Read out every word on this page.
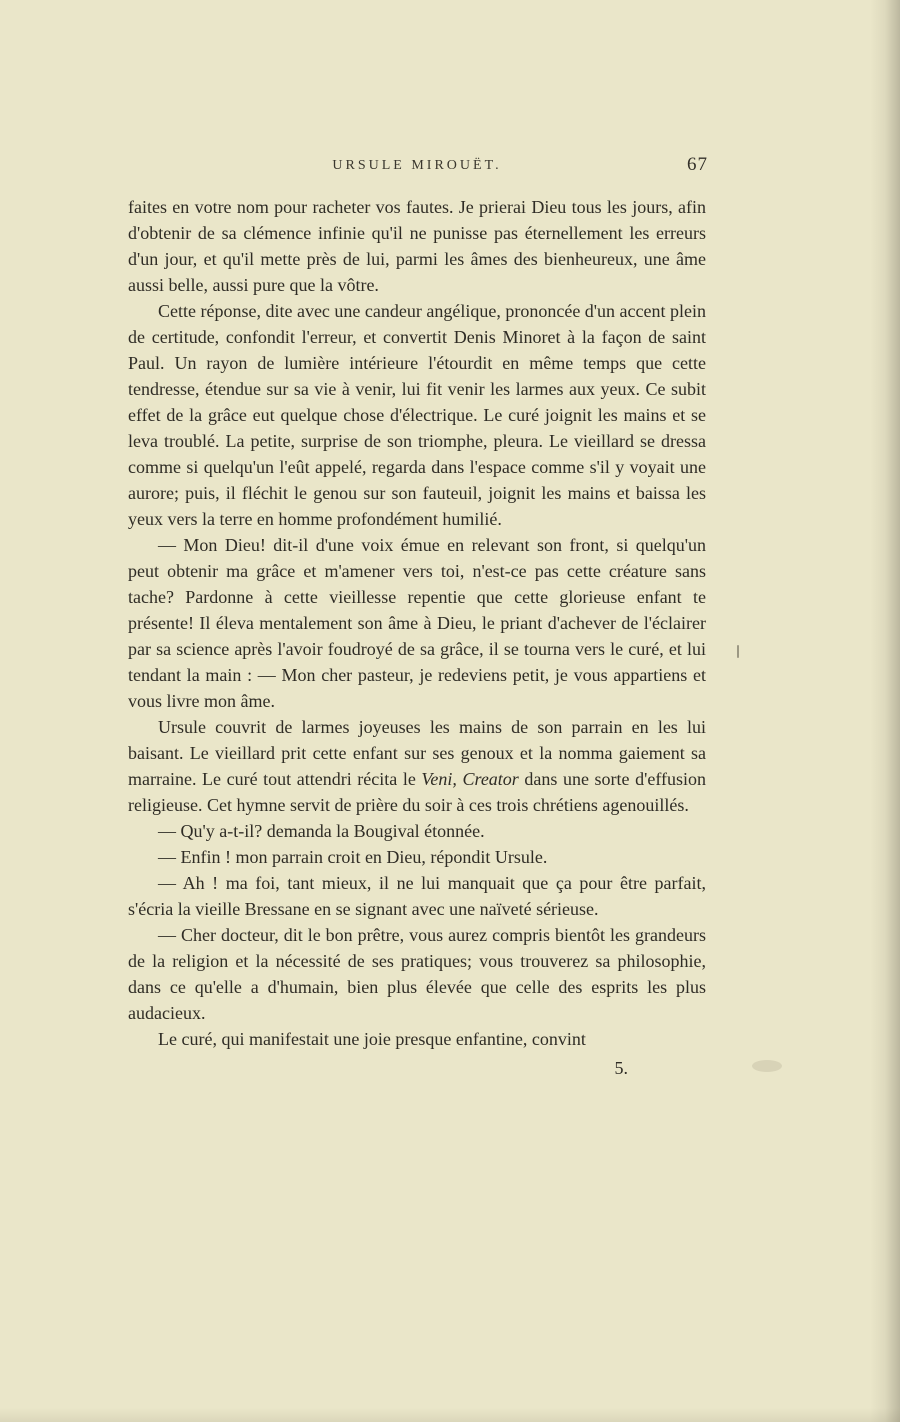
URSULE MIROUËT.	67

faites en votre nom pour racheter vos fautes. Je prierai Dieu tous les jours, afin d'obtenir de sa clémence infinie qu'il ne punisse pas éternellement les erreurs d'un jour, et qu'il mette près de lui, parmi les âmes des bienheureux, une âme aussi belle, aussi pure que la vôtre.

Cette réponse, dite avec une candeur angélique, prononcée d'un accent plein de certitude, confondit l'erreur, et convertit Denis Minoret à la façon de saint Paul. Un rayon de lumière intérieure l'étourdit en même temps que cette tendresse, étendue sur sa vie à venir, lui fit venir les larmes aux yeux. Ce subit effet de la grâce eut quelque chose d'électrique. Le curé joignit les mains et se leva troublé. La petite, surprise de son triomphe, pleura. Le vieillard se dressa comme si quelqu'un l'eût appelé, regarda dans l'espace comme s'il y voyait une aurore; puis, il fléchit le genou sur son fauteuil, joignit les mains et baissa les yeux vers la terre en homme profondément humilié.

— Mon Dieu! dit-il d'une voix émue en relevant son front, si quelqu'un peut obtenir ma grâce et m'amener vers toi, n'est-ce pas cette créature sans tache? Pardonne à cette vieillesse repentie que cette glorieuse enfant te présente! Il éleva mentalement son âme à Dieu, le priant d'achever de l'éclairer par sa science après l'avoir foudroyé de sa grâce, il se tourna vers le curé, et lui tendant la main : — Mon cher pasteur, je redeviens petit, je vous appartiens et vous livre mon âme.

Ursule couvrit de larmes joyeuses les mains de son parrain en les lui baisant. Le vieillard prit cette enfant sur ses genoux et la nomma gaiement sa marraine. Le curé tout attendri récita le Veni, Creator dans une sorte d'effusion religieuse. Cet hymne servit de prière du soir à ces trois chrétiens agenouillés.

— Qu'y a-t-il? demanda la Bougival étonnée.

— Enfin ! mon parrain croit en Dieu, répondit Ursule.

— Ah ! ma foi, tant mieux, il ne lui manquait que ça pour être parfait, s'écria la vieille Bressane en se signant avec une naïveté sérieuse.

— Cher docteur, dit le bon prêtre, vous aurez compris bientôt les grandeurs de la religion et la nécessité de ses pratiques; vous trouverez sa philosophie, dans ce qu'elle a d'humain, bien plus élevée que celle des esprits les plus audacieux.

Le curé, qui manifestait une joie presque enfantine, convint

5.
